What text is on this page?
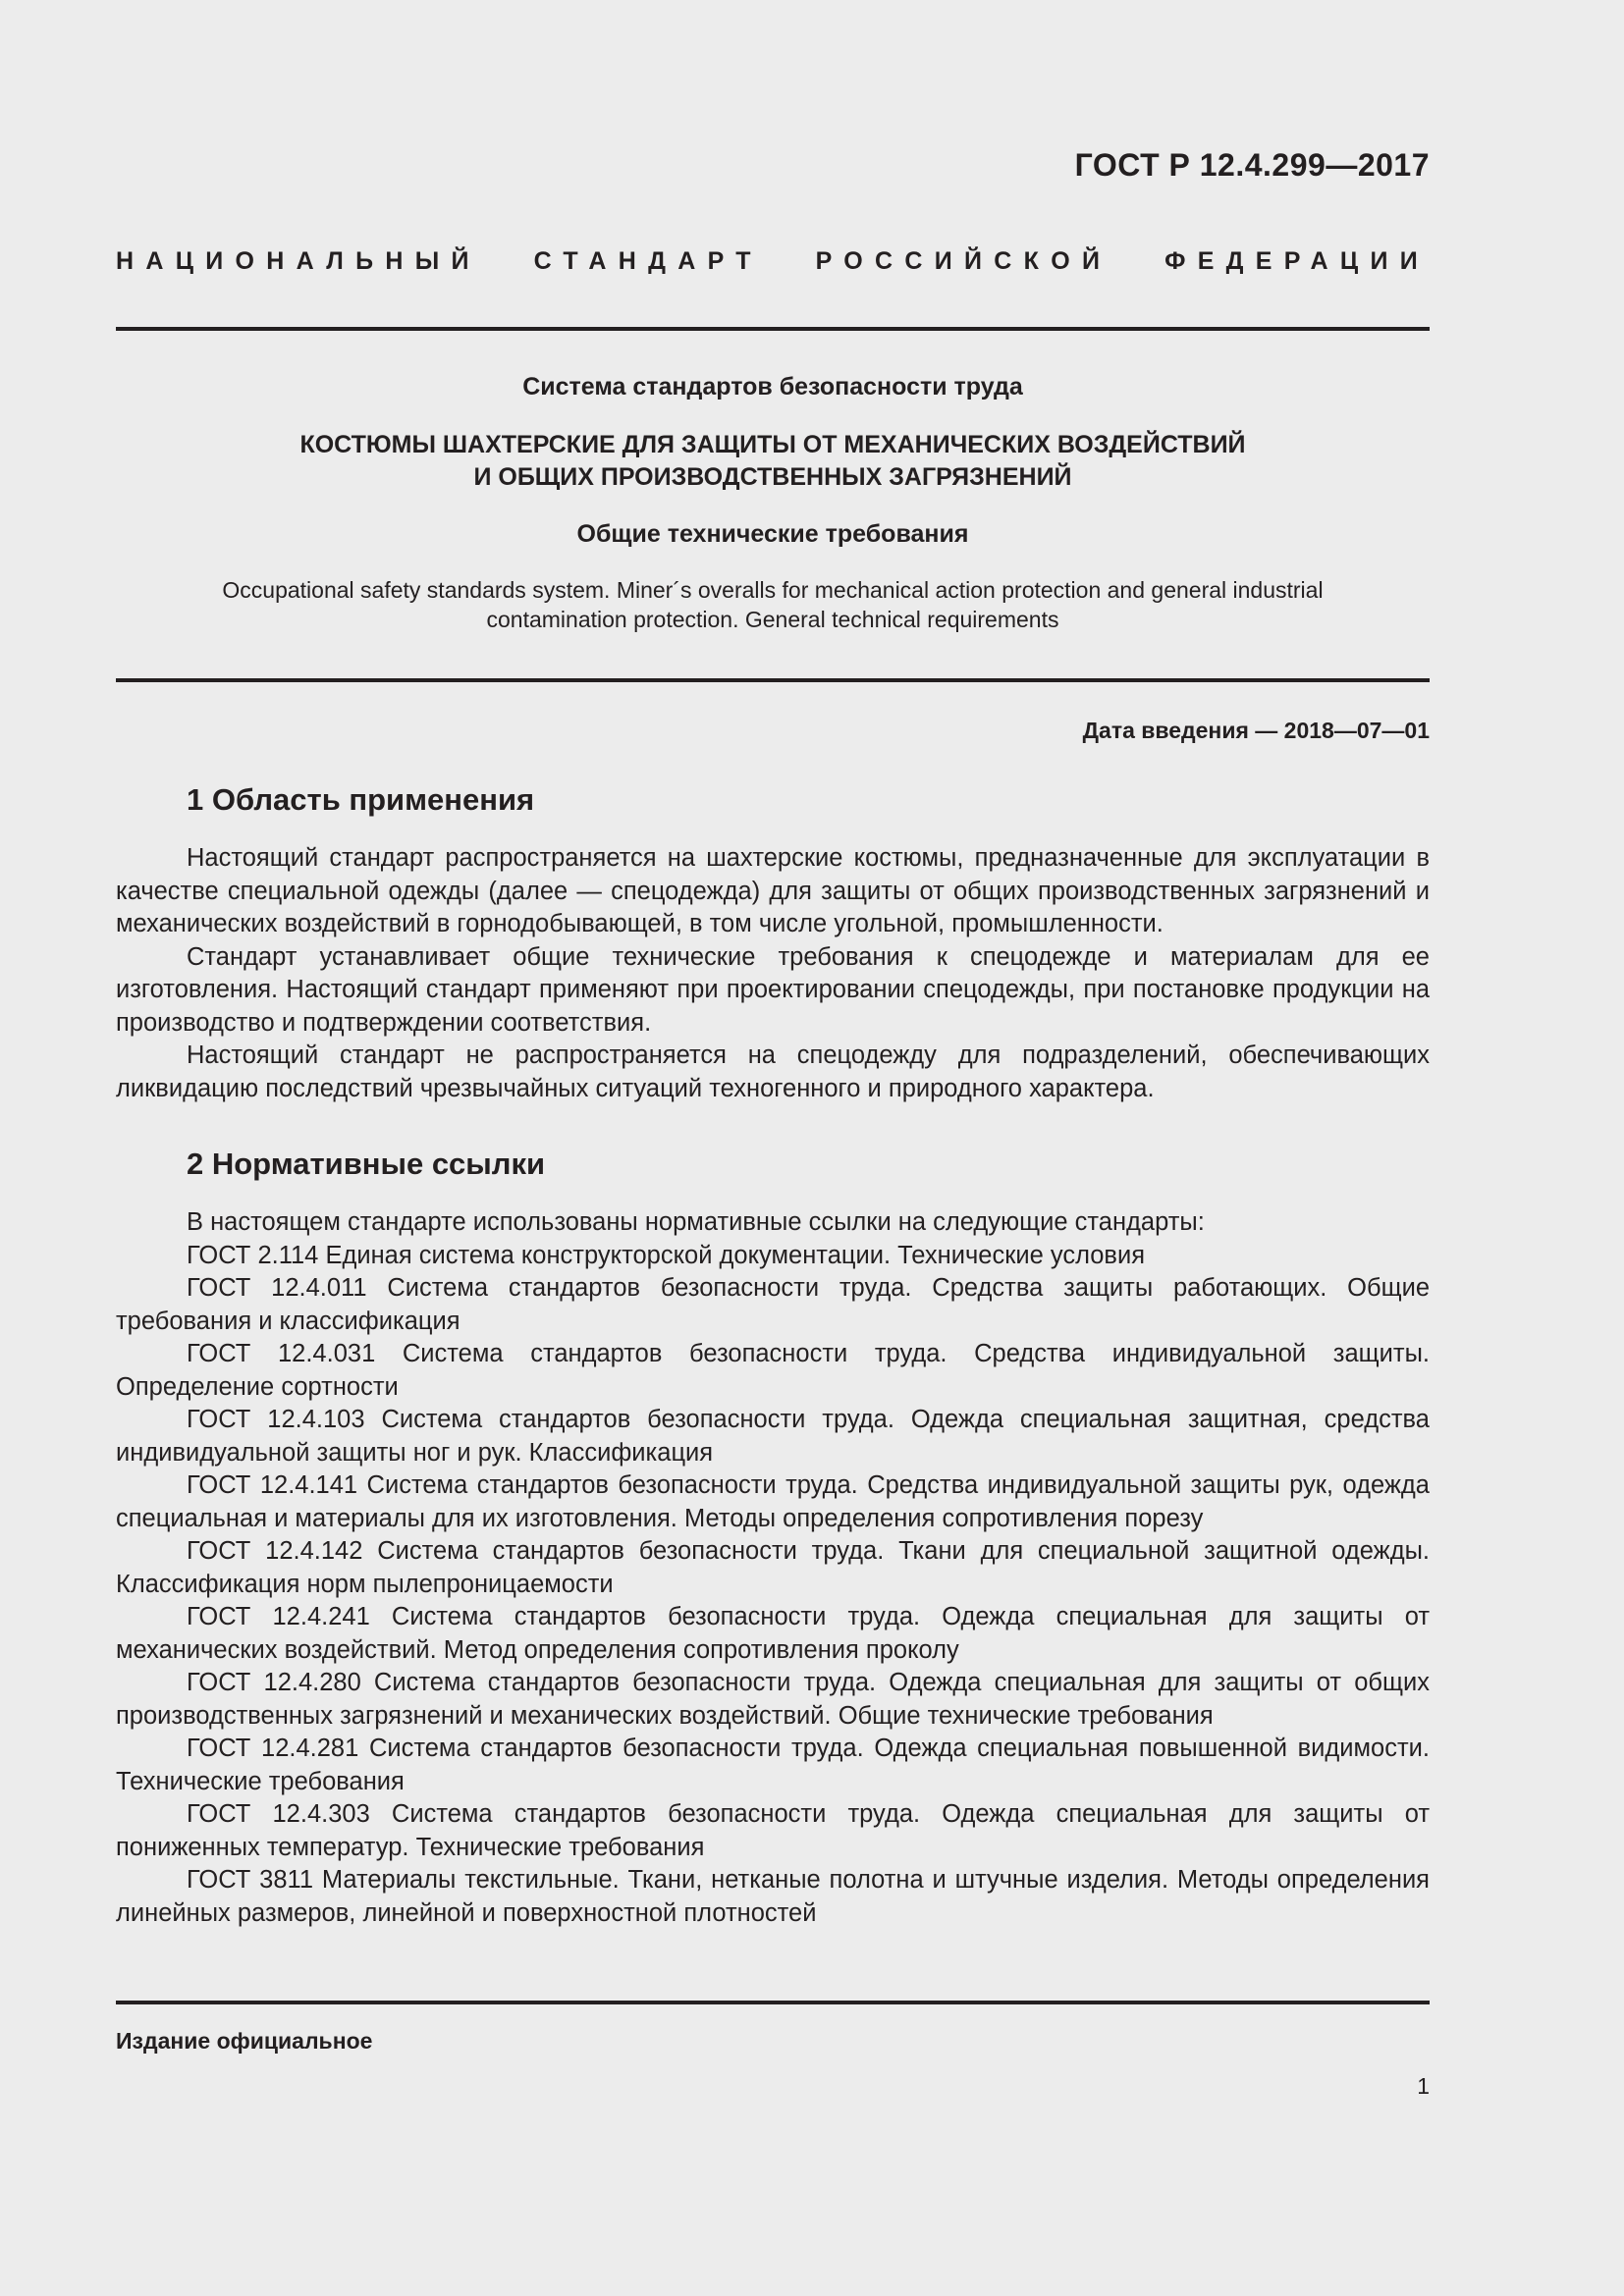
ГОСТ Р 12.4.299—2017
НАЦИОНАЛЬНЫЙ СТАНДАРТ РОССИЙСКОЙ ФЕДЕРАЦИИ
Система стандартов безопасности труда
КОСТЮМЫ ШАХТЕРСКИЕ ДЛЯ ЗАЩИТЫ ОТ МЕХАНИЧЕСКИХ ВОЗДЕЙСТВИЙ
И ОБЩИХ ПРОИЗВОДСТВЕННЫХ ЗАГРЯЗНЕНИЙ
Общие технические требования
Occupational safety standards system. Miner´s overalls for mechanical action protection and general industrial
contamination protection. General technical requirements
Дата введения — 2018—07—01
1 Область применения

Настоящий стандарт распространяется на шахтерские костюмы, предназначенные для эксплуатации в качестве специальной одежды (далее — спецодежда) для защиты от общих производственных загрязнений и механических воздействий в горнодобывающей, в том числе угольной, промышленности.

Стандарт устанавливает общие технические требования к спецодежде и материалам для ее изготовления. Настоящий стандарт применяют при проектировании спецодежды, при постановке продукции на производство и подтверждении соответствия.

Настоящий стандарт не распространяется на спецодежду для подразделений, обеспечивающих ликвидацию последствий чрезвычайных ситуаций техногенного и природного характера.

2 Нормативные ссылки

В настоящем стандарте использованы нормативные ссылки на следующие стандарты:

ГОСТ 2.114 Единая система конструкторской документации. Технические условия

ГОСТ 12.4.011 Система стандартов безопасности труда. Средства защиты работающих. Общие требования и классификация

ГОСТ 12.4.031 Система стандартов безопасности труда. Средства индивидуальной защиты. Определение сортности

ГОСТ 12.4.103 Система стандартов безопасности труда. Одежда специальная защитная, средства индивидуальной защиты ног и рук. Классификация

ГОСТ 12.4.141 Система стандартов безопасности труда. Средства индивидуальной защиты рук, одежда специальная и материалы для их изготовления. Методы определения сопротивления порезу

ГОСТ 12.4.142 Система стандартов безопасности труда. Ткани для специальной защитной одежды. Классификация норм пылепроницаемости

ГОСТ 12.4.241 Система стандартов безопасности труда. Одежда специальная для защиты от механических воздействий. Метод определения сопротивления проколу

ГОСТ 12.4.280 Система стандартов безопасности труда. Одежда специальная для защиты от общих производственных загрязнений и механических воздействий. Общие технические требования

ГОСТ 12.4.281 Система стандартов безопасности труда. Одежда специальная повышенной видимости. Технические требования

ГОСТ 12.4.303 Система стандартов безопасности труда. Одежда специальная для защиты от пониженных температур. Технические требования

ГОСТ 3811 Материалы текстильные. Ткани, нетканые полотна и штучные изделия. Методы определения линейных размеров, линейной и поверхностной плотностей

Издание официальное
1
